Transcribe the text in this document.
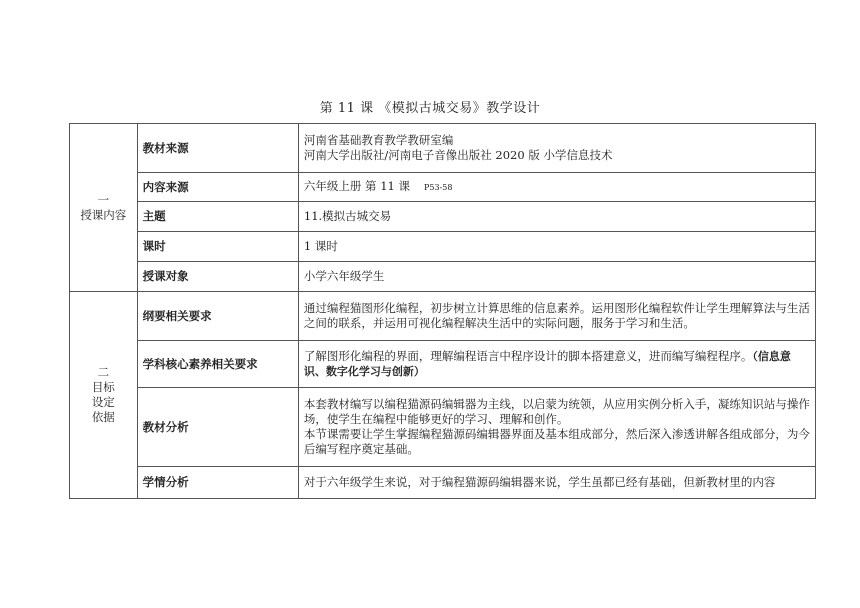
第 11 课 《模拟古城交易》教学设计
一
授课内容	教材来源	河南省基础教育教学教研室编
河南大学出版社/河南电子音像出版社 2020 版 小学信息技术

	内容来源	六年级上册 第 11 课 P53-58
	主题	11.模拟古城交易
	课时	1 课时
	授课对象	小学六年级学生

二
目标
设定
依据	纲要相关要求	通过编程猫图形化编程，初步树立计算思维的信息素养。运用图形化编程软件让学生理解算法与生活之间的联系，并运用可视化编程解决生活中的实际问题，服务于学习和生活。
	学科核心素养相关要求	了解图形化编程的界面，理解编程语言中程序设计的脚本搭建意义，进而编写编程程序。（信息意识、数字化学习与创新）
	教材分析	本套教材编写以编程猫源码编辑器为主线，以启蒙为统领，从应用实例分析入手，凝练知识站与操作场，使学生在编程中能够更好的学习、理解和创作。
本节课需要让学生掌握编程猫源码编辑器界面及基本组成部分，然后深入渗透讲解各组成部分，为今后编写程序奠定基础。

	学情分析	对于六年级学生来说，对于编程猫源码编辑器来说，学生虽都已经有基础，但新教材里的内容
